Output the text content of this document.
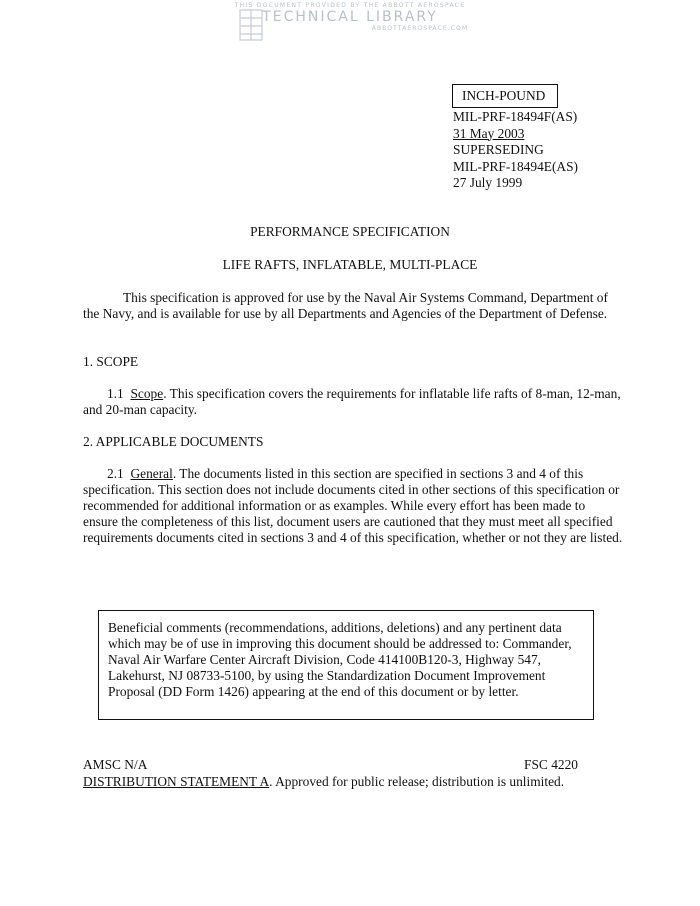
THIS DOCUMENT PROVIDED BY THE ABBOTT AEROSPACE
TECHNICAL LIBRARY
ABBOTTAEROSPACE.COM
INCH-POUND
MIL-PRF-18494F(AS)
31 May 2003
SUPERSEDING
MIL-PRF-18494E(AS)
27 July 1999
PERFORMANCE SPECIFICATION
LIFE RAFTS, INFLATABLE, MULTI-PLACE
This specification is approved for use by the Naval Air Systems Command, Department of the Navy, and is available for use by all Departments and Agencies of the Department of Defense.
1. SCOPE
1.1 Scope. This specification covers the requirements for inflatable life rafts of 8-man, 12-man, and 20-man capacity.
2. APPLICABLE DOCUMENTS
2.1 General. The documents listed in this section are specified in sections 3 and 4 of this specification. This section does not include documents cited in other sections of this specification or recommended for additional information or as examples. While every effort has been made to ensure the completeness of this list, document users are cautioned that they must meet all specified requirements documents cited in sections 3 and 4 of this specification, whether or not they are listed.
Beneficial comments (recommendations, additions, deletions) and any pertinent data which may be of use in improving this document should be addressed to: Commander, Naval Air Warfare Center Aircraft Division, Code 414100B120-3, Highway 547, Lakehurst, NJ 08733-5100, by using the Standardization Document Improvement Proposal (DD Form 1426) appearing at the end of this document or by letter.
AMSC N/A	FSC 4220
DISTRIBUTION STATEMENT A. Approved for public release; distribution is unlimited.
